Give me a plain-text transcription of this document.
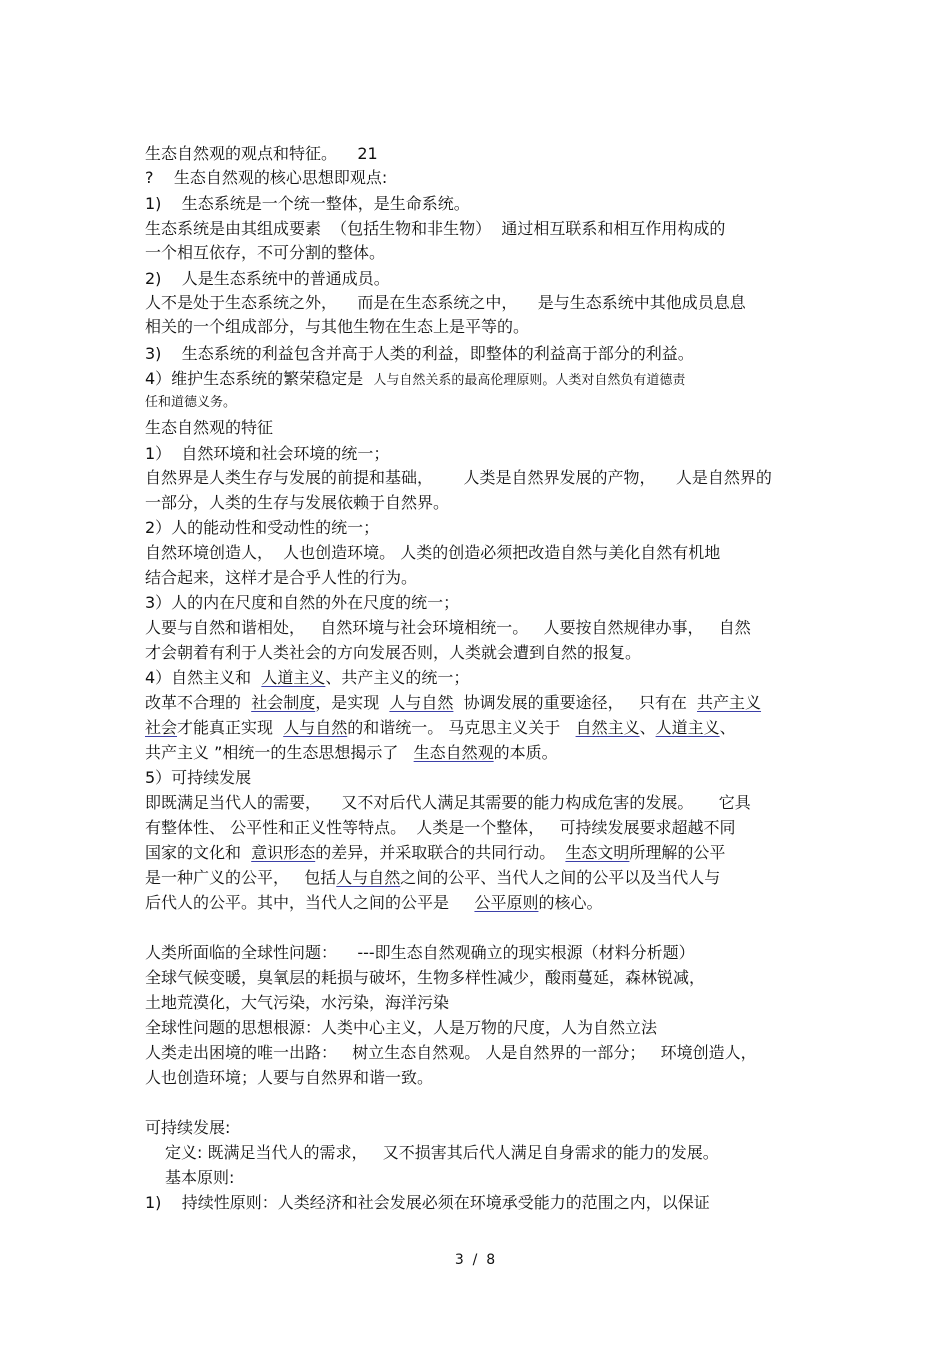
生态自然观的观点和特征。    21
?    生态自然观的核心思想即观点:
1)    生态系统是一个统一整体，是生命系统。
生态系统是由其组成要素  （包括生物和非生物）  通过相互联系和相互作用构成的
一个相互依存，不可分割的整体。
2)    人是生态系统中的普通成员。
人不是处于生态系统之外，    而是在生态系统之中，    是与生态系统中其他成员息息
相关的一个组成部分，与其他生物在生态上是平等的。
3)    生态系统的利益包含并高于人类的利益，即整体的利益高于部分的利益。
4）维护生态系统的繁荣稳定是  人与自然关系的最高伦理原则。人类对自然负有道德责
任和道德义务。
生态自然观的特征
1）  自然环境和社会环境的统一；
自然界是人类生存与发展的前提和基础，      人类是自然界发展的产物，    人是自然界的
一部分，人类的生存与发展依赖于自然界。
2）人的能动性和受动性的统一；
自然环境创造人，  人也创造环境。 人类的创造必须把改造自然与美化自然有机地
结合起来，这样才是合乎人性的行为。
3）人的内在尺度和自然的外在尺度的统一；
人要与自然和谐相处，   自然环境与社会环境相统一。   人要按自然规律办事，   自然
才会朝着有利于人类社会的方向发展否则，人类就会遭到自然的报复。
4）自然主义和  人道主义、共产主义的统一；
改革不合理的  社会制度，是实现  人与自然  协调发展的重要途径，   只有在  共产主义
社会才能真正实现  人与自然的和谐统一。 马克思主义关于   自然主义、人道主义、
共产主义 ”相统一的生态思想揭示了   生态自然观的本质。
5）可持续发展
即既满足当代人的需要，    又不对后代人满足其需要的能力构成危害的发展。     它具
有整体性、 公平性和正义性等特点。  人类是一个整体，   可持续发展要求超越不同
国家的文化和  意识形态的差异，并采取联合的共同行动。  生态文明所理解的公平
是一种广义的公平，   包括人与自然之间的公平、当代人之间的公平以及当代人与
后代人的公平。其中，当代人之间的公平是     公平原则的核心。
人类所面临的全球性问题：    ---即生态自然观确立的现实根源（材料分析题）
全球气候变暖，臭氧层的耗损与破坏，生物多样性减少，酸雨蔓延，森林锐减，
土地荒漠化，大气污染，水污染，海洋污染
全球性问题的思想根源：人类中心主义，人是万物的尺度，人为自然立法
人类走出困境的唯一出路：   树立生态自然观。 人是自然界的一部分；   环境创造人，
人也创造环境；人要与自然界和谐一致。
可持续发展:
定义: 既满足当代人的需求，   又不损害其后代人满足自身需求的能力的发展。
基本原则:
1)    持续性原则：人类经济和社会发展必须在环境承受能力的范围之内，以保证
3  /  8
